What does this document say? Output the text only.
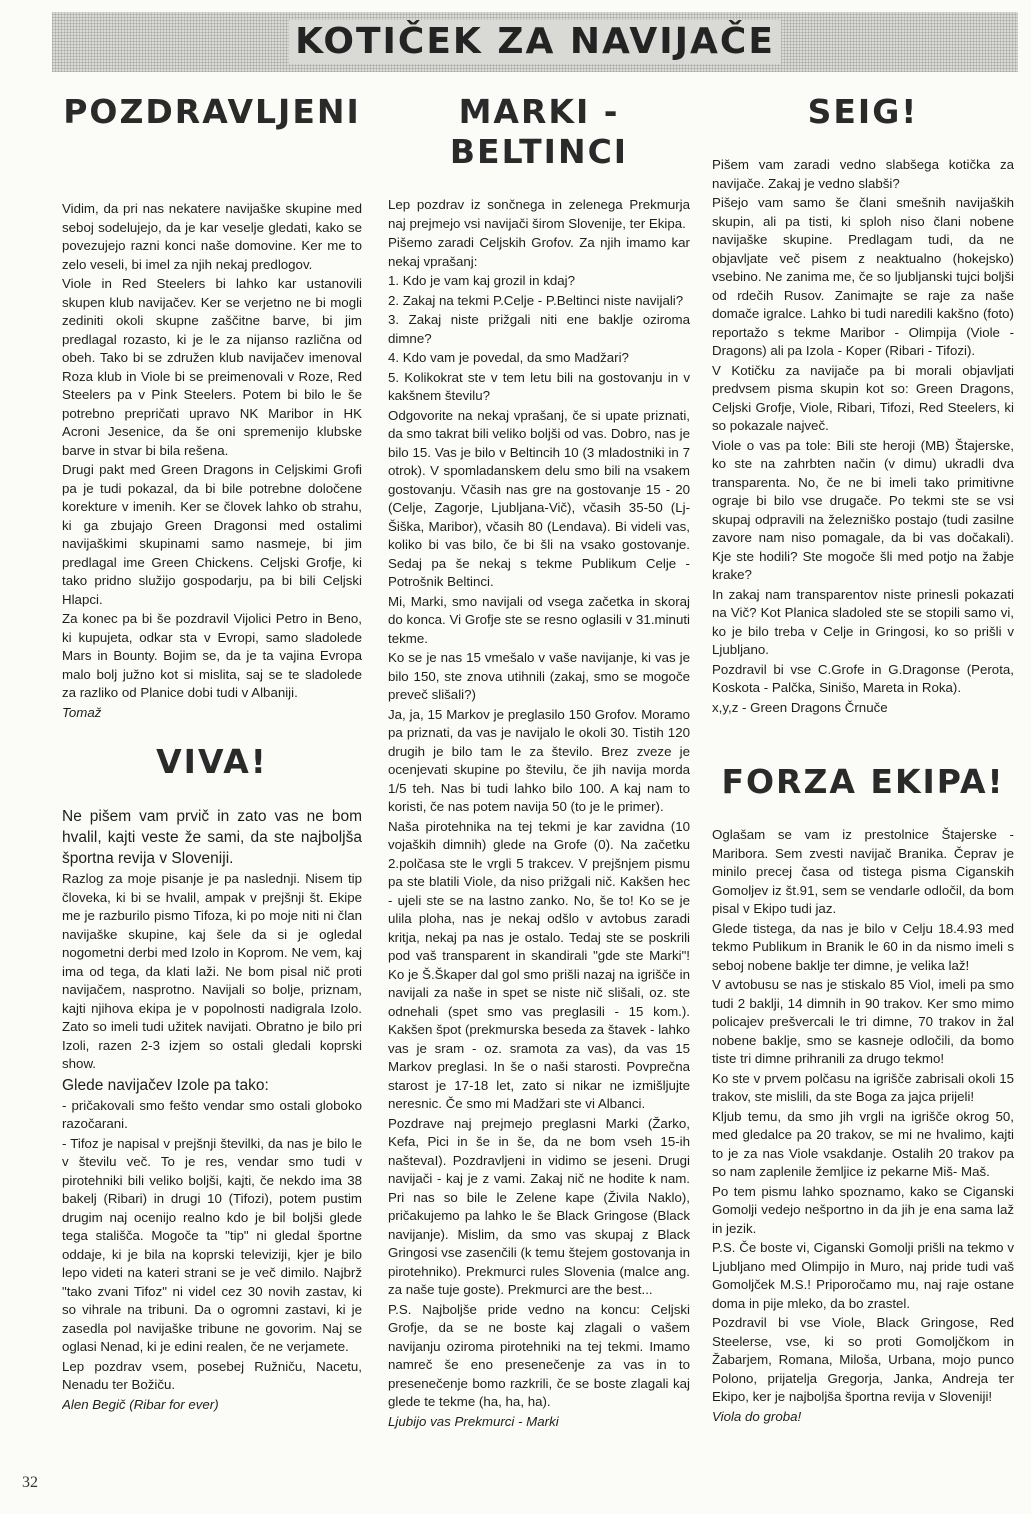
KOTIČEK ZA NAVIJAČE
POZDRAVLJENI	MARKI - BELTINCI
SEIG!
VIVA!
FORZA EKIPA!

Vidim, da pri nas nekatere navijaške skupine med seboj sodelujejo, da je kar veselje gledati, kako se povezujejo razni konci naše domovine. Ker me to zelo veseli, bi imel za njih nekaj predlogov.

Viole in Red Steelers bi lahko kar ustanovili skupen klub navijačev. Ker se verjetno ne bi mogli zediniti okoli skupne zaščitne barve, bi jim predlagal rozasto, ki je le za nijanso različna od obeh. Tako bi se združen klub navijačev imenoval Roza klub in Viole bi se preimenovali v Roze, Red Steelers pa v Pink Steelers. Potem bi bilo le še potrebno prepričati upravo NK Maribor in HK Acroni Jesenice, da še oni spremenijo klubske barve in stvar bi bila rešena.

Drugi pakt med Green Dragons in Celjskimi Grofi pa je tudi pokazal, da bi bile potrebne določene korekture v imenih. Ker se človek lahko ob strahu, ki ga zbujajo Green Dragonsi med ostalimi navijaškimi skupinami samo nasmeje, bi jim predlagal ime Green Chickens. Celjski Grofje, ki tako pridno služijo gospodarju, pa bi bili Celjski Hlapci.

Za konec pa bi še pozdravil Vijolici Petro in Beno, ki kupujeta, odkar sta v Evropi, samo sladolede Mars in Bounty. Bojim se, da je ta vajina Evropa malo bolj južno kot si mislita, saj se te sladolede za razliko od Planice dobi tudi v Albaniji.

Tomaž

Ne pišem vam prvič in zato vas ne bom hvalil, kajti veste že sami, da ste najboljša športna revija v Sloveniji.

Razlog za moje pisanje je pa naslednji. Nisem tip človeka, ki bi se hvalil, ampak v prejšnji št. Ekipe me je razburilo pismo Tifoza, ki po moje niti ni član navijaške skupine, kaj šele da si je ogledal nogometni derbi med Izolo in Koprom. Ne vem, kaj ima od tega, da klati laži. Ne bom pisal nič proti navijačem, nasprotno. Navijali so bolje, priznam, kajti njihova ekipa je v popolnosti nadigrala Izolo. Zato so imeli tudi užitek navijati. Obratno je bilo pri Izoli, razen 2-3 izjem so ostali gledali koprski show.

Glede navijačev Izole pa tako:

- pričakovali smo fešto vendar smo ostali globoko razočarani.

- Tifoz je napisal v prejšnji številki, da nas je bilo le v številu več. To je res, vendar smo tudi v pirotehniki bili veliko boljši, kajti, če nekdo ima 38 bakelj (Ribari) in drugi 10 (Tifozi), potem pustim drugim naj ocenijo realno kdo je bil boljši glede tega stališča. Mogoče ta "tip" ni gledal športne oddaje, ki je bila na koprski televiziji, kjer je bilo lepo videti na kateri strani se je več dimilo. Najbrž "tako zvani Tifoz" ni videl cez 30 novih zastav, ki so vihrale na tribuni. Da o ogromni zastavi, ki je zasedla pol navijaške tribune ne govorim. Naj se oglasi Nenad, ki je edini realen, če ne verjamete.

Lep pozdrav vsem, posebej Ružniču, Nacetu, Nenadu ter Božiču.

Alen Begič (Ribar for ever)

Lep pozdrav iz sončnega in zelenega Prekmurja naj prejmejo vsi navijači širom Slovenije, ter Ekipa.

Pišemo zaradi Celjskih Grofov. Za njih imamo kar nekaj vprašanj:

1. Kdo je vam kaj grozil in kdaj?

2. Zakaj na tekmi P.Celje - P.Beltinci niste navijali?

3. Zakaj niste prižgali niti ene baklje oziroma dimne?

4. Kdo vam je povedal, da smo Madžari?

5. Kolikokrat ste v tem letu bili na gostovanju in v kakšnem številu?

Odgovorite na nekaj vprašanj, če si upate priznati, da smo takrat bili veliko boljši od vas. Dobro, nas je bilo 15. Vas je bilo v Beltincih 10 (3 mladostniki in 7 otrok). V spomladanskem delu smo bili na vsakem gostovanju. Včasih nas gre na gostovanje 15 - 20 (Celje, Zagorje, Ljubljana-Vič), včasih 35-50 (Lj-Šiška, Maribor), včasih 80 (Lendava). Bi videli vas, koliko bi vas bilo, če bi šli na vsako gostovanje. Sedaj pa še nekaj s tekme Publikum Celje - Potrošnik Beltinci.

Mi, Marki, smo navijali od vsega začetka in skoraj do konca. Vi Grofje ste se resno oglasili v 31.minuti tekme.

Ko se je nas 15 vmešalo v vaše navijanje, ki vas je bilo 150, ste znova utihnili (zakaj, smo se mogoče preveč slišali?)

Ja, ja, 15 Markov je preglasilo 150 Grofov. Moramo pa priznati, da vas je navijalo le okoli 30. Tistih 120 drugih je bilo tam le za število. Brez zveze je ocenjevati skupine po številu, če jih navija morda 1/5 teh. Nas bi tudi lahko bilo 100. A kaj nam to koristi, če nas potem navija 50 (to je le primer).

Naša pirotehnika na tej tekmi je kar zavidna (10 vojaških dimnih) glede na Grofe (0). Na začetku 2.polčasa ste le vrgli 5 trakcev. V prejšnjem pismu pa ste blatili Viole, da niso prižgali nič. Kakšen hec - ujeli ste se na lastno zanko. No, še to! Ko se je ulila ploha, nas je nekaj odšlo v avtobus zaradi kritja, nekaj pa nas je ostalo. Tedaj ste se poskrili pod vaš transparent in skandirali "gde ste Marki"! Ko je Š.Škaper dal gol smo prišli nazaj na igrišče in navijali za naše in spet se niste nič slišali, oz. ste odnehali (spet smo vas preglasili - 15 kom.). Kakšen špot (prekmurska beseda za štavek - lahko vas je sram - oz. sramota za vas), da vas 15 Markov preglasi. In še o naši starosti. Povprečna starost je 17-18 let, zato si nikar ne izmišljujte neresnic. Če smo mi Madžari ste vi Albanci.

Pozdrave naj prejmejo preglasni Marki (Žarko, Kefa, Pici in še in še, da ne bom vseh 15-ih naštevaI). Pozdravljeni in vidimo se jeseni. Drugi navijači - kaj je z vami. Zakaj nič ne hodite k nam. Pri nas so bile le Zelene kape (Živila Naklo), pričakujemo pa lahko le še Black Gringose (Black navijanje). Mislim, da smo vas skupaj z Black Gringosi vse zasenčili (k temu štejem gostovanja in pirotehniko). Prekmurci rules Slovenia (malce ang. za naše tuje goste). Prekmurci are the best...

P.S. Najboljše pride vedno na koncu: Celjski Grofje, da se ne boste kaj zlagali o vašem navijanju oziroma pirotehniki na tej tekmi. Imamo namreč še eno presenečenje za vas in to presenečenje bomo razkrili, če se boste zlagali kaj glede te tekme (ha, ha, ha).

Ljubijo vas Prekmurci - Marki

Pišem vam zaradi vedno slabšega kotička za navijače. Zakaj je vedno slabši?

Pišejo vam samo še člani smešnih navijaških skupin, ali pa tisti, ki sploh niso člani nobene navijaške skupine. Predlagam tudi, da ne objavljate več pisem z neaktualno (hokejsko) vsebino. Ne zanima me, če so ljubljanski tujci boljši od rdečih Rusov. Zanimajte se raje za naše domače igralce. Lahko bi tudi naredili kakšno (foto) reportažo s tekme Maribor - Olimpija (Viole - Dragons) ali pa Izola - Koper (Ribari - Tifozi).

V Kotičku za navijače pa bi morali objavljati predvsem pisma skupin kot so: Green Dragons, Celjski Grofje, Viole, Ribari, Tifozi, Red Steelers, ki so pokazale največ.

Viole o vas pa tole: Bili ste heroji (MB) Štajerske, ko ste na zahrbten način (v dimu) ukradli dva transparenta. No, če ne bi imeli tako primitivne ograje bi bilo vse drugače. Po tekmi ste se vsi skupaj odpravili na železniško postajo (tudi zasilne zavore nam niso pomagale, da bi vas dočakali). Kje ste hodili? Ste mogoče šli med potjo na žabje krake?

In zakaj nam transparentov niste prinesli pokazati na Vič? Kot Planica sladoled ste se stopili samo vi, ko je bilo treba v Celje in Gringosi, ko so prišli v Ljubljano.

Pozdravil bi vse C.Grofe in G.Dragonse (Perota, Koskota - Palčka, Sinišo, Mareta in Roka).

x,y,z - Green Dragons Črnuče

Oglašam se vam iz prestolnice Štajerske - Maribora. Sem zvesti navijač Branika. Čeprav je minilo precej časa od tistega pisma Ciganskih Gomoljev iz št.91, sem se vendarle odločil, da bom pisal v Ekipo tudi jaz.

Glede tistega, da nas je bilo v Celju 18.4.93 med tekmo Publikum in Branik le 60 in da nismo imeli s seboj nobene baklje ter dimne, je velika laž!

V avtobusu se nas je stiskalo 85 Viol, imeli pa smo tudi 2 baklji, 14 dimnih in 90 trakov. Ker smo mimo policajev prešvercali le tri dimne, 70 trakov in žal nobene baklje, smo se kasneje odločili, da bomo tiste tri dimne prihranili za drugo tekmo!

Ko ste v prvem polčasu na igrišče zabrisali okoli 15 trakov, ste mislili, da ste Boga za jajca prijeli!

Kljub temu, da smo jih vrgli na igrišče okrog 50, med gledalce pa 20 trakov, se mi ne hvalimo, kajti to je za nas Viole vsakdanje. Ostalih 20 trakov pa so nam zaplenile žemljice iz pekarne Miš- Maš.

Po tem pismu lahko spoznamo, kako se Ciganski Gomolji vedejo nešportno in da jih je ena sama laž in jezik.

P.S. Če boste vi, Ciganski Gomolji prišli na tekmo v Ljubljano med Olimpijo in Muro, naj pride tudi vaš Gomoljček M.S.! Priporočamo mu, naj raje ostane doma in pije mleko, da bo zrastel.

Pozdravil bi vse Viole, Black Gringose, Red Steelerse, vse, ki so proti Gomoljčkom in Žabarjem, Romana, Miloša, Urbana, mojo punco Polono, prijatelja Gregorja, Janka, Andreja ter Ekipo, ker je najboljša športna revija v Sloveniji!

Viola do groba!

32
